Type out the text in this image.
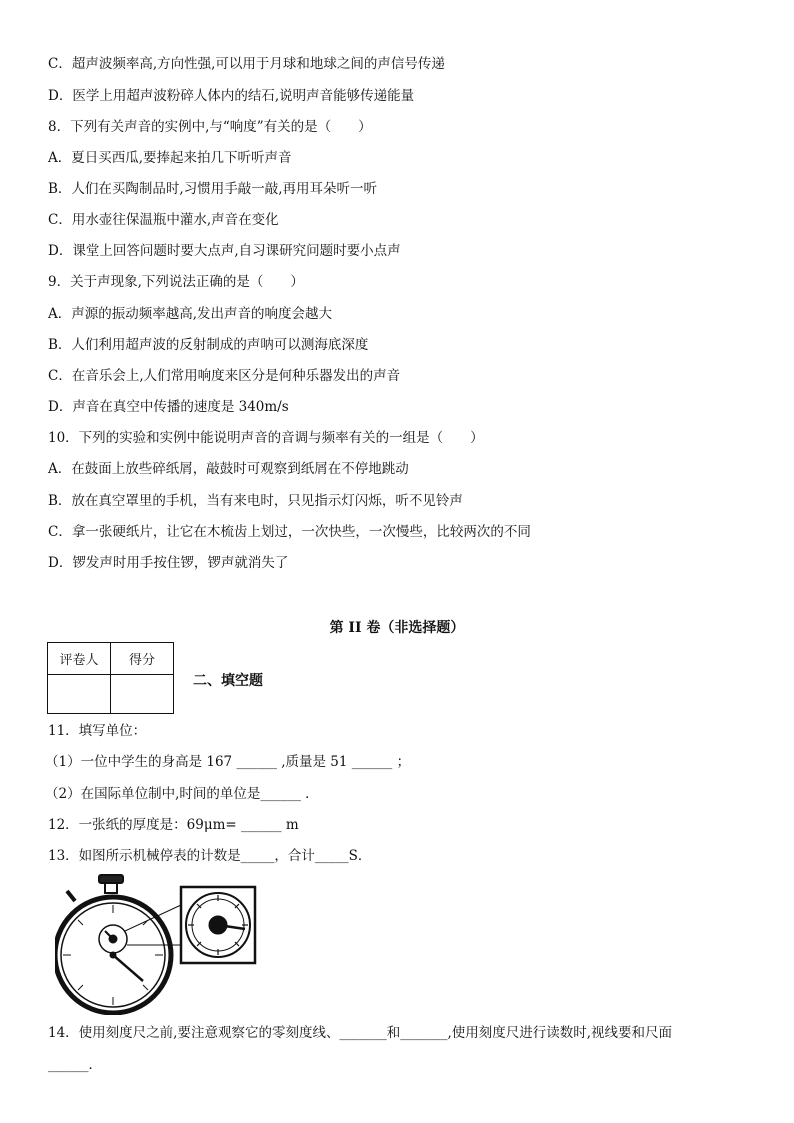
C．超声波频率高,方向性强,可以用于月球和地球之间的声信号传递
D．医学上用超声波粉碎人体内的结石,说明声音能够传递能量
8．下列有关声音的实例中,与“响度”有关的是（　　）
A．夏日买西瓜,要捧起来拍几下听听声音
B．人们在买陶制品时,习惯用手敲一敲,再用耳朵听一听
C．用水壶往保温瓶中灌水,声音在变化
D．课堂上回答问题时要大点声,自习课研究问题时要小点声
9．关于声现象,下列说法正确的是（　　）
A．声源的振动频率越高,发出声音的响度会越大
B．人们利用超声波的反射制成的声呐可以测海底深度
C．在音乐会上,人们常用响度来区分是何种乐器发出的声音
D．声音在真空中传播的速度是 340m/s
10．下列的实验和实例中能说明声音的音调与频率有关的一组是（　　）
A．在鼓面上放些碎纸屑，敲鼓时可观察到纸屑在不停地跳动
B．放在真空罩里的手机，当有来电时，只见指示灯闪烁，听不见铃声
C．拿一张硬纸片，让它在木梳齿上划过，一次快些，一次慢些，比较两次的不同
D．锣发声时用手按住锣，锣声就消失了
第 II 卷（非选择题）
评卷人	得分

二、填空题
11．填写单位：
（1）一位中学生的身高是 167 ______ ,质量是 51 ______ ；
（2）在国际单位制中,时间的单位是______ ．
12．一张纸的厚度是：69μm= ______ m
13．如图所示机械停表的计数是_____，合计_____S．
14．使用刻度尺之前,要注意观察它的零刻度线、_______和_______,使用刻度尺进行读数时,视线要和尺面
______．
